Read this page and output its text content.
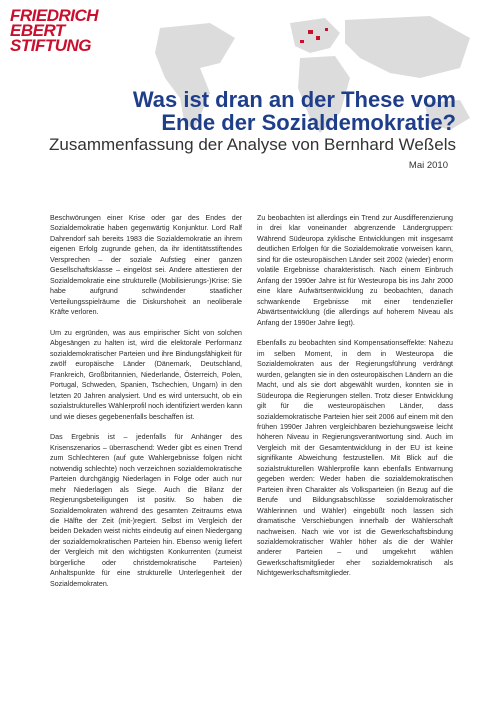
FRIEDRICH
EBERT
STIFTUNG
Was ist dran an der These vom
Ende der Sozialdemokratie?
Zusammenfassung der Analyse von Bernhard Weßels
Mai 2010

Beschwörungen einer Krise oder gar des Endes der Sozialdemokratie haben gegenwärtig Konjunktur. Lord Ralf Dahrendorf sah bereits 1983 die Sozialdemokratie an ihrem eigenen Erfolg zugrunde gehen, da ihr identitätsstiftendes Versprechen – der soziale Aufstieg einer ganzen Gesellschaftsklasse – eingelöst sei. Andere attestieren der Sozialdemokratie eine strukturelle (Mobilisierungs-)Krise: Sie habe aufgrund schwindender staatlicher Verteilungsspielräume die Diskurshoheit an neoliberale Kräfte verloren.

Um zu ergründen, was aus empirischer Sicht von solchen Abgesängen zu halten ist, wird die elektorale Performanz sozialdemokratischer Parteien und ihre Bindungsfähigkeit für zwölf europäische Länder (Dänemark, Deutschland, Frankreich, Großbritannien, Niederlande, Österreich, Polen, Portugal, Schweden, Spanien, Tschechien, Ungarn) in den letzten 20 Jahren analysiert. Und es wird untersucht, ob ein sozialstrukturelles Wählerprofil noch identifiziert werden kann und wie dieses gegebenenfalls beschaffen ist.

Das Ergebnis ist – jedenfalls für Anhänger des Krisenszenarios – überraschend: Weder gibt es einen Trend zum Schlechteren (auf gute Wahlergebnisse folgen nicht notwendig schlechte) noch verzeichnen sozialdemokratische Parteien durchgängig Niederlagen in Folge oder auch nur mehr Niederlagen als Siege. Auch die Bilanz der Regierungsbeteiligungen ist positiv. So haben die Sozialdemokraten während des gesamten Zeitraums etwa die Hälfte der Zeit (mit-)regiert. Selbst im Vergleich der beiden Dekaden weist nichts eindeutig auf einen Niedergang der sozialdemokratischen Parteien hin. Ebenso wenig liefert der Vergleich mit den wichtigsten Konkurrenten (zumeist bürgerliche oder christdemokratische Parteien) Anhaltspunkte für eine strukturelle Unterlegenheit der Sozialdemokraten.

Zu beobachten ist allerdings ein Trend zur Ausdifferenzierung in drei klar voneinander abgrenzende Ländergruppen: Während Südeuropa zyklische Entwicklungen mit insgesamt deutlichen Erfolgen für die Sozialdemokratie vorweisen kann, sind für die osteuropäischen Länder seit 2002 (wieder) enorm volatile Ergebnisse charakteristisch. Nach einem Einbruch Anfang der 1990er Jahre ist für Westeuropa bis ins Jahr 2000 eine klare Aufwärtsentwicklung zu beobachten, danach schwankende Ergebnisse mit einer tendenzieller Abwärtsentwicklung (die allerdings auf hoherem Niveau als Anfang der 1990er Jahre liegt).

Ebenfalls zu beobachten sind Kompensationseffekte: Nahezu im selben Moment, in dem in Westeuropa die Sozialdemokraten aus der Regierungsführung verdrängt wurden, gelangten sie in den osteuropäischen Ländern an die Macht, und als sie dort abgewählt wurden, konnten sie in Südeuropa die Regierungen stellen. Trotz dieser Entwicklung gilt für die westeuropäischen Länder, dass sozialdemokratische Parteien hier seit 2006 auf einem mit den frühen 1990er Jahren vergleichbaren beziehungsweise leicht höheren Niveau in Regierungsverantwortung sind. Auch im Vergleich mit der Gesamtentwicklung in der EU ist keine signifikante Abweichung festzustellen. Mit Blick auf die sozialstrukturellen Wählerprofile kann ebenfalls Entwarnung gegeben werden: Weder haben die sozialdemokratischen Parteien ihren Charakter als Volksparteien (in Bezug auf die Berufe und Bildungsabschlüsse sozialdemokratischer Wählerinnen und Wähler) eingebüßt noch lassen sich dramatische Verschiebungen innerhalb der Wählerschaft nachweisen. Nach wie vor ist die Gewerkschaftsbindung sozialdemokratischer Wähler höher als die der Wähler anderer Parteien – und umgekehrt wählen Gewerkschaftsmitglieder eher sozialdemokratisch als Nichtgewerkschaftsmitglieder.
